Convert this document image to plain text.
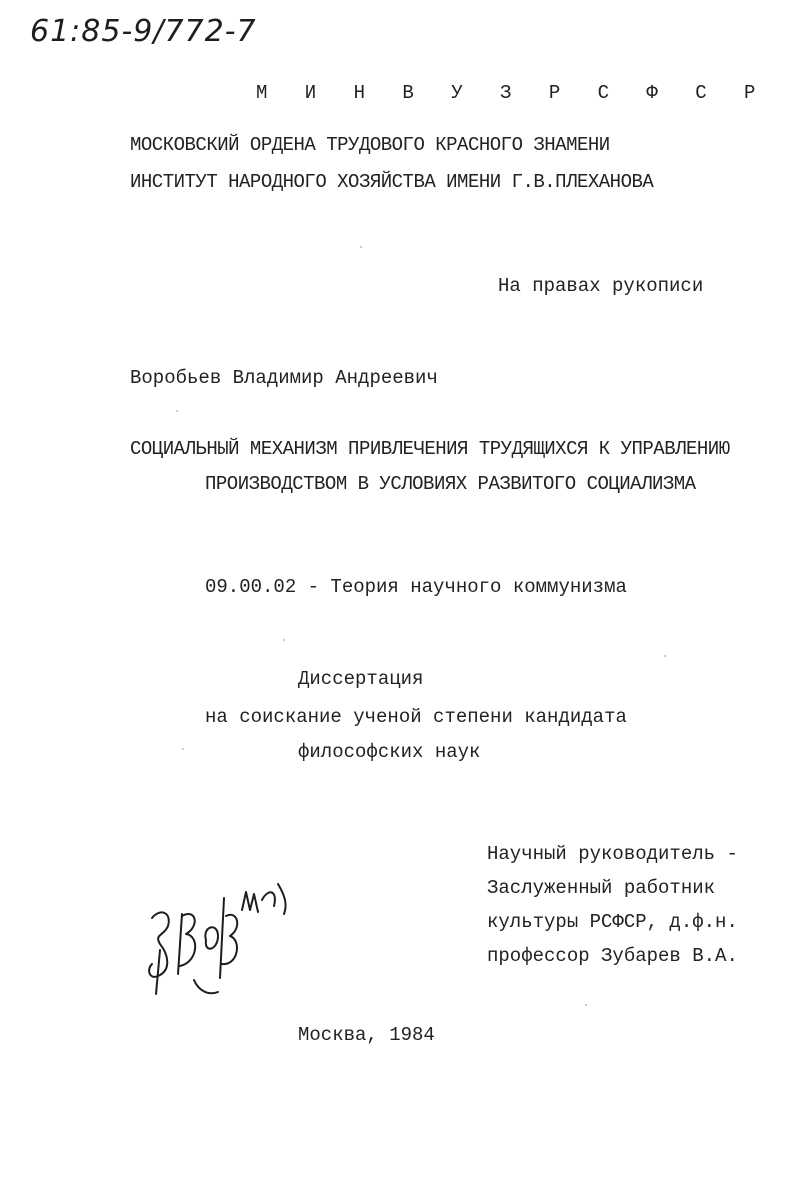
61:85-9/772-7
М И Н В У З Р С Ф С Р
МОСКОВСКИЙ ОРДЕНА ТРУДОВОГО КРАСНОГО ЗНАМЕНИ
ИНСТИТУТ НАРОДНОГО ХОЗЯЙСТВА ИМЕНИ Г.В.ПЛЕХАНОВА
На правах рукописи
Воробьев Владимир Андреевич
СОЦИАЛЬНЫЙ МЕХАНИЗМ ПРИВЛЕЧЕНИЯ ТРУДЯЩИХСЯ К УПРАВЛЕНИЮ
ПРОИЗВОДСТВОМ В УСЛОВИЯХ РАЗВИТОГО СОЦИАЛИЗМА
09.00.02 - Теория научного коммунизма
Диссертация
на соискание ученой степени кандидата
философских наук
Научный руководитель -
Заслуженный работник
культуры РСФСР, д.ф.н.
профессор Зубарев В.А.
Москва, 1984
